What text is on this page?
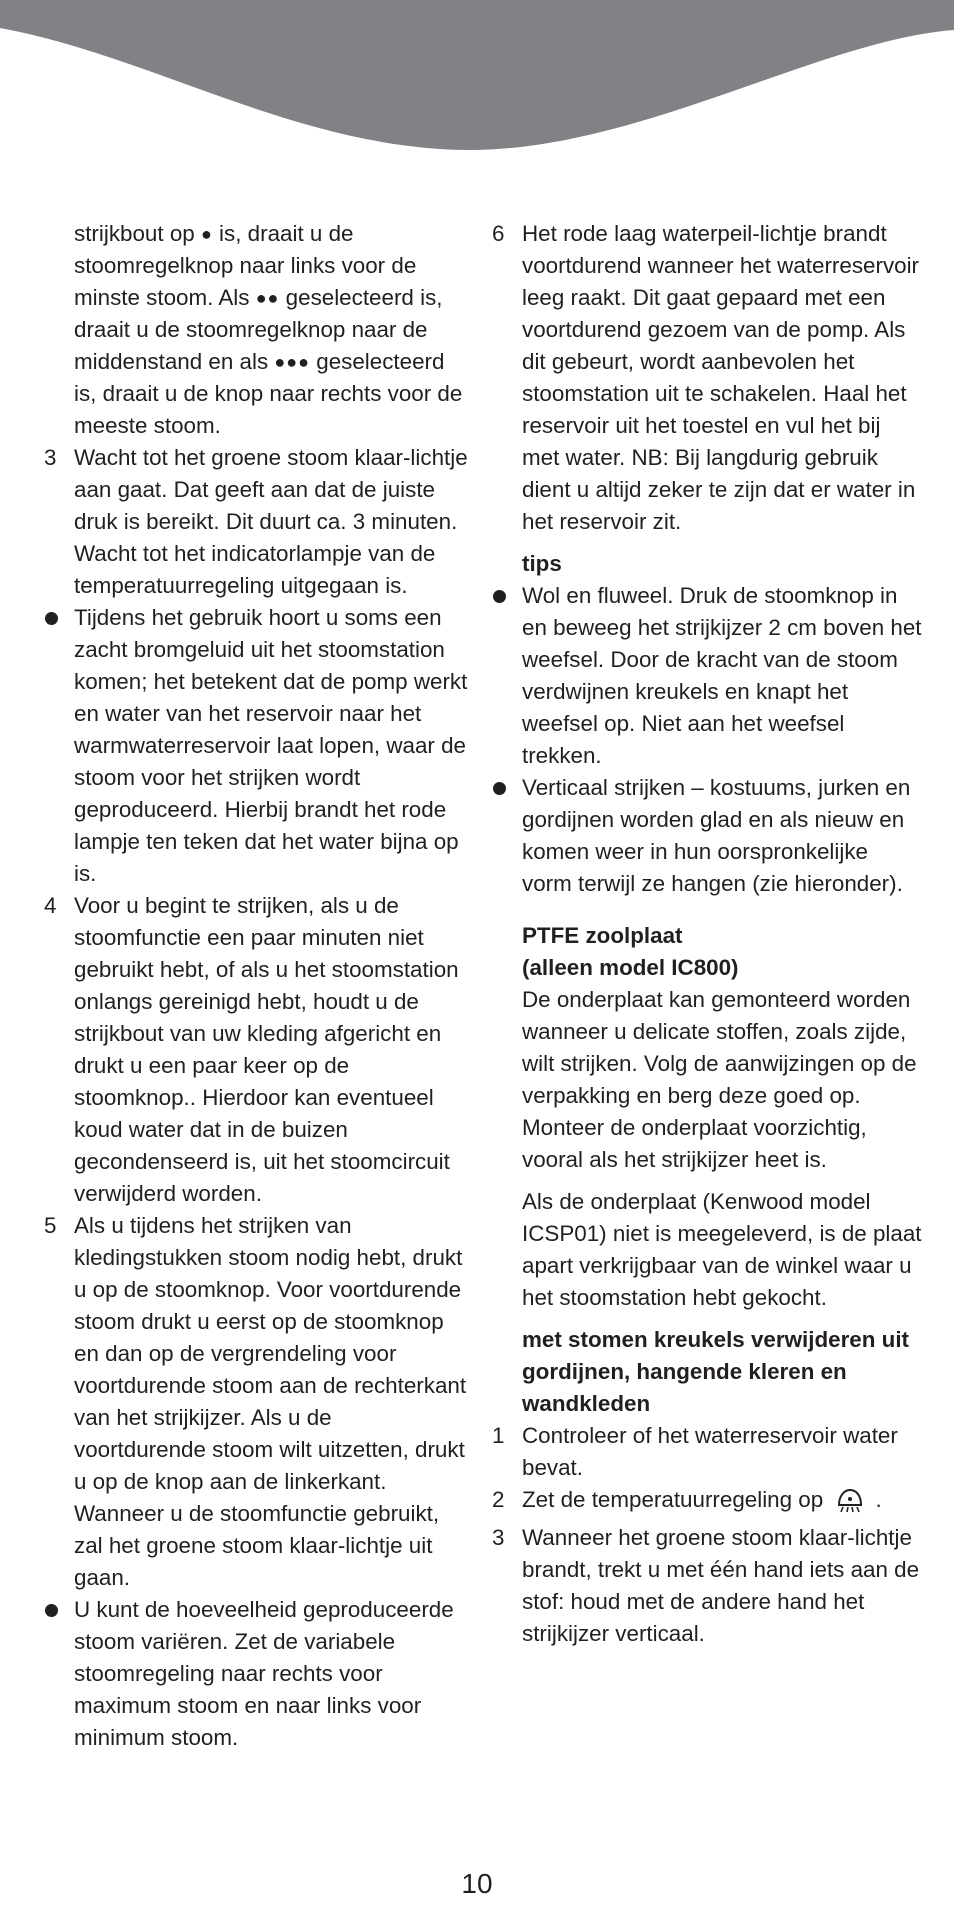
strijkbout op ● is, draait u de stoomregelknop naar links voor de minste stoom. Als ●● geselecteerd is, draait u de stoomregelknop naar de middenstand en als ●●● geselecteerd is, draait u de knop naar rechts voor de meeste stoom.

3 Wacht tot het groene stoom klaar-lichtje aan gaat. Dat geeft aan dat de juiste druk is bereikt. Dit duurt ca. 3 minuten. Wacht tot het indicatorlampje van de temperatuurregeling uitgegaan is.
Tijdens het gebruik hoort u soms een zacht bromgeluid uit het stoomstation komen; het betekent dat de pomp werkt en water van het reservoir naar het warmwaterreservoir laat lopen, waar de stoom voor het strijken wordt geproduceerd. Hierbij brandt het rode lampje ten teken dat het water bijna op is.
4 Voor u begint te strijken, als u de stoomfunctie een paar minuten niet gebruikt hebt, of als u het stoomstation onlangs gereinigd hebt, houdt u de strijkbout van uw kleding afgericht en drukt u een paar keer op de stoomknop.. Hierdoor kan eventueel koud water dat in de buizen gecondenseerd is, uit het stoomcircuit verwijderd worden.
5 Als u tijdens het strijken van kledingstukken stoom nodig hebt, drukt u op de stoomknop. Voor voortdurende stoom drukt u eerst op de stoomknop en dan op de vergrendeling voor voortdurende stoom aan de rechterkant van het strijkijzer. Als u de voortdurende stoom wilt uitzetten, drukt u op de knop aan de linkerkant.

Wanneer u de stoomfunctie gebruikt, zal het groene stoom klaar-lichtje uit gaan.

U kunt de hoeveelheid geproduceerde stoom variëren. Zet de variabele stoomregeling naar rechts voor maximum stoom en naar links voor minimum stoom.
6 Het rode laag waterpeil-lichtje brandt voortdurend wanneer het waterreservoir leeg raakt. Dit gaat gepaard met een voortdurend gezoem van de pomp. Als dit gebeurt, wordt aanbevolen het stoomstation uit te schakelen. Haal het reservoir uit het toestel en vul het bij met water. NB: Bij langdurig gebruik dient u altijd zeker te zijn dat er water in het reservoir zit.

tips

Wol en fluweel. Druk de stoomknop in en beweeg het strijkijzer 2 cm boven het weefsel. Door de kracht van de stoom verdwijnen kreukels en knapt het weefsel op. Niet aan het weefsel trekken.
Verticaal strijken – kostuums, jurken en gordijnen worden glad en als nieuw en komen weer in hun oorspronkelijke vorm terwijl ze hangen (zie hieronder).

PTFE zoolplaat

(alleen model IC800)

De onderplaat kan gemonteerd worden wanneer u delicate stoffen, zoals zijde, wilt strijken. Volg de aanwijzingen op de verpakking en berg deze goed op. Monteer de onderplaat voorzichtig, vooral als het strijkijzer heet is.

Als de onderplaat (Kenwood model ICSP01) niet is meegeleverd, is de plaat apart verkrijgbaar van de winkel waar u het stoomstation hebt gekocht.

met stomen kreukels verwijderen uit gordijnen, hangende kleren en wandkleden

1 Controleer of het waterreservoir water bevat.
2 Zet de temperatuurregeling op .
3 Wanneer het groene stoom klaar-lichtje brandt, trekt u met één hand iets aan de stof: houd met de andere hand het strijkijzer verticaal.
10
